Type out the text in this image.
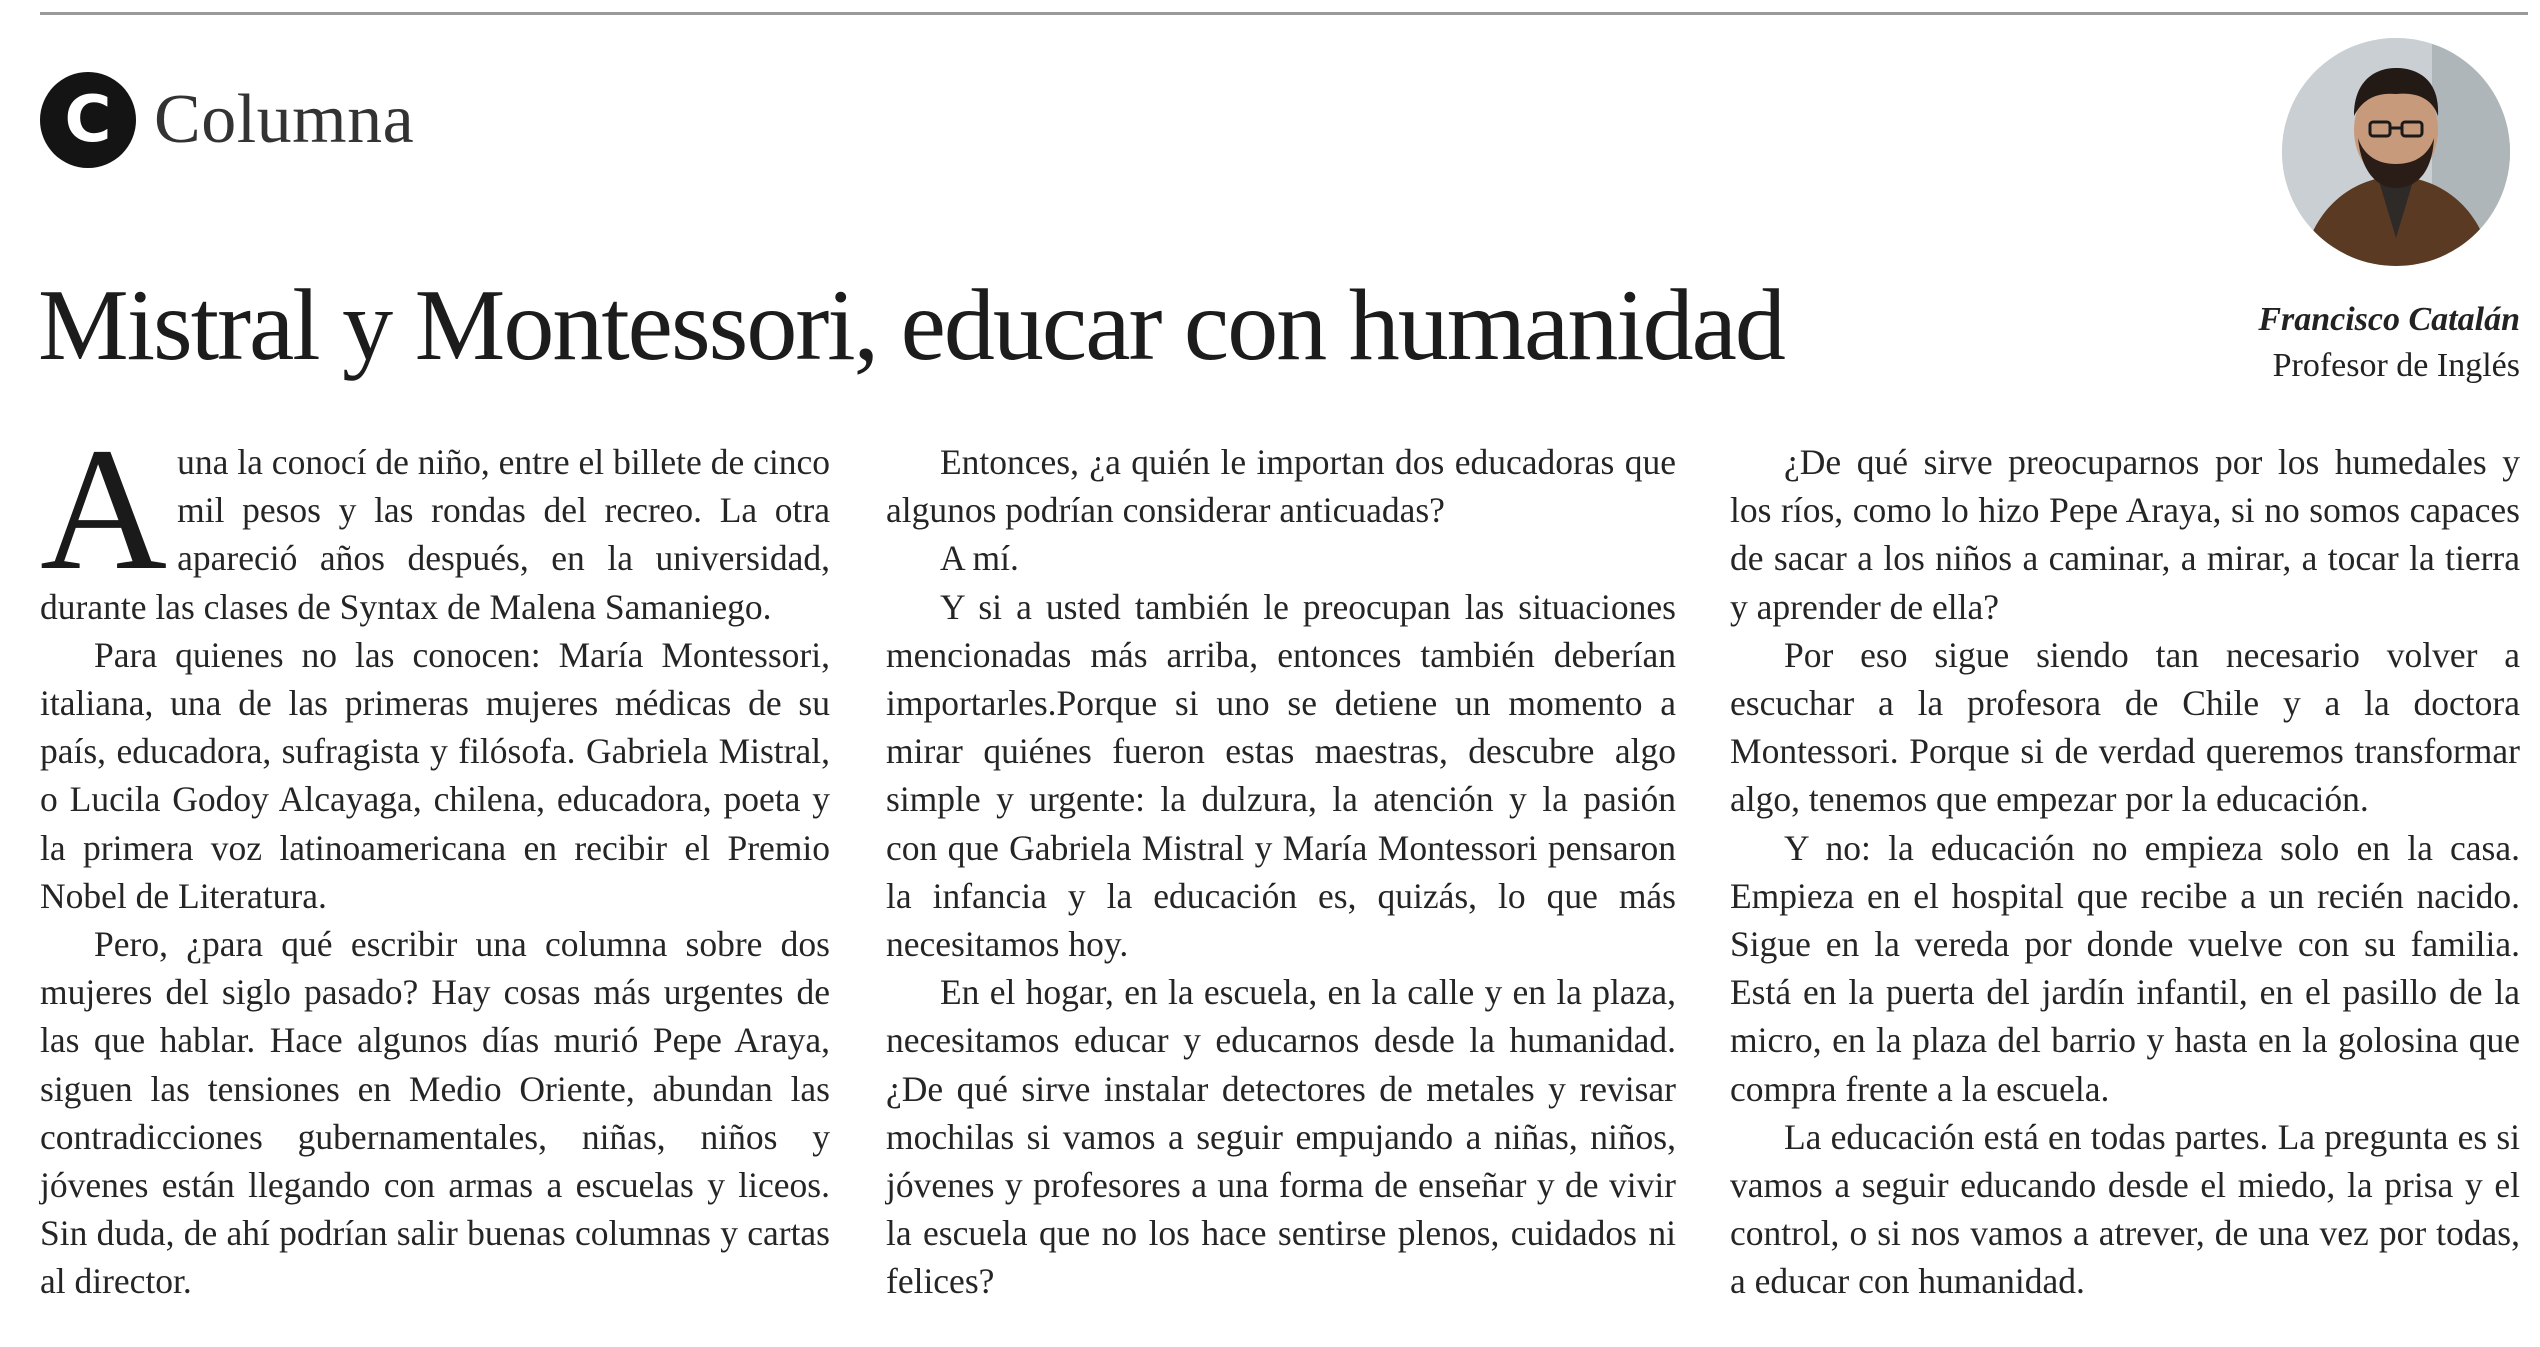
C Columna
Mistral y Montessori, educar con humanidad	Francisco Catalán
Profesor de Inglés
A una la conocí de niño, entre el billete de cinco mil pesos y las rondas del recreo. La otra apareció años después, en la universidad, durante las clases de Syntax de Malena Samaniego.

Para quienes no las conocen: María Montessori, italiana, una de las primeras mujeres médicas de su país, educadora, sufragista y filósofa. Gabriela Mistral, o Lucila Godoy Alcayaga, chilena, educadora, poeta y la primera voz latinoamericana en recibir el Premio Nobel de Literatura.

Pero, ¿para qué escribir una columna sobre dos mujeres del siglo pasado? Hay cosas más urgentes de las que hablar. Hace algunos días murió Pepe Araya, siguen las tensiones en Medio Oriente, abundan las contradicciones gubernamentales, niñas, niños y jóvenes están llegando con armas a escuelas y liceos. Sin duda, de ahí podrían salir buenas columnas y cartas al director.

Entonces, ¿a quién le importan dos educadoras que algunos podrían considerar anticuadas?

A mí.

Y si a usted también le preocupan las situaciones mencionadas más arriba, entonces también deberían importarles.Porque si uno se detiene un momento a mirar quiénes fueron estas maestras, descubre algo simple y urgente: la dulzura, la atención y la pasión con que Gabriela Mistral y María Montessori pensaron la infancia y la educación es, quizás, lo que más necesitamos hoy.

En el hogar, en la escuela, en la calle y en la plaza, necesitamos educar y educarnos desde la humanidad.¿De qué sirve instalar detectores de metales y revisar mochilas si vamos a seguir empujando a niñas, niños, jóvenes y profesores a una forma de enseñar y de vivir la escuela que no los hace sentirse plenos, cuidados ni felices?

¿De qué sirve preocuparnos por los humedales y los ríos, como lo hizo Pepe Araya, si no somos capaces de sacar a los niños a caminar, a mirar, a tocar la tierra y aprender de ella?

Por eso sigue siendo tan necesario volver a escuchar a la profesora de Chile y a la doctora Montessori. Porque si de verdad queremos transformar algo, tenemos que empezar por la educación.

Y no: la educación no empieza solo en la casa. Empieza en el hospital que recibe a un recién nacido. Sigue en la vereda por donde vuelve con su familia. Está en la puerta del jardín infantil, en el pasillo de la micro, en la plaza del barrio y hasta en la golosina que compra frente a la escuela.

La educación está en todas partes. La pregunta es si vamos a seguir educando desde el miedo, la prisa y el control, o si nos vamos a atrever, de una vez por todas, a educar con humanidad.
